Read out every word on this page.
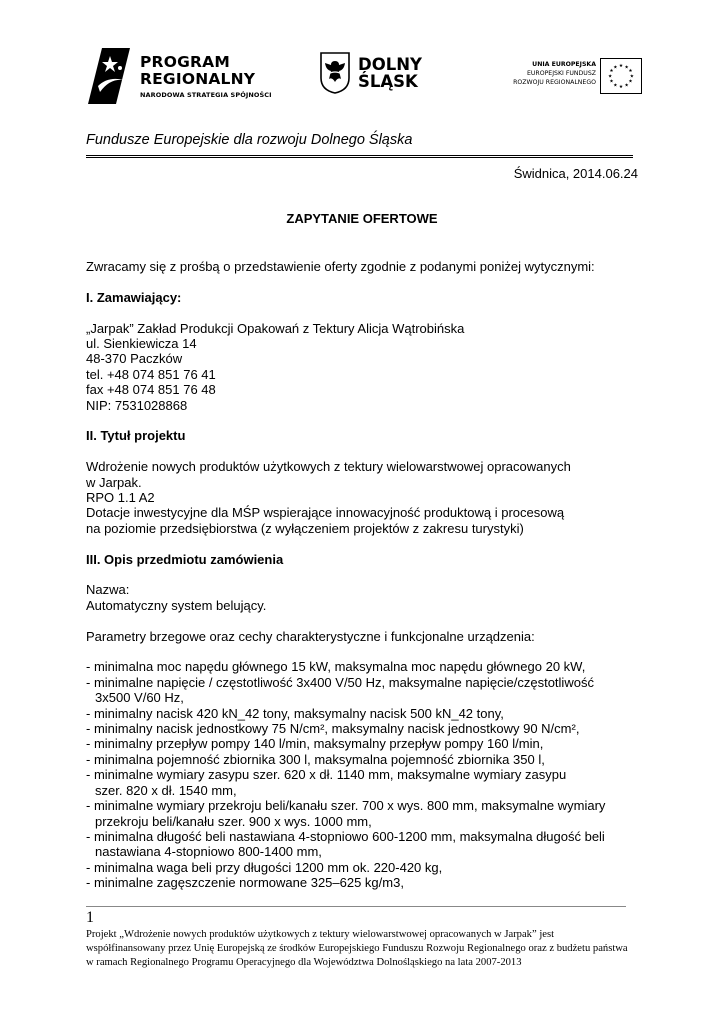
PROGRAM
REGIONALNY
NARODOWA STRATEGIA SPÓJNOŚCI
DOLNY
ŚLĄSK
UNIA EUROPEJSKA
EUROPEJSKI FUNDUSZ
ROZWOJU REGIONALNEGO
★ ★
★
★
★
★
★
★
★
★
★
★
Fundusze Europejskie dla rozwoju Dolnego Śląska
Świdnica, 2014.06.24
ZAPYTANIE OFERTOWE

Zwracamy się z prośbą o przedstawienie oferty zgodnie z podanymi poniżej wytycznymi:

I. Zamawiający:

„Jarpak” Zakład Produkcji Opakowań z Tektury Alicja Wątrobińska

ul. Sienkiewicza 14

48-370 Paczków

tel. +48 074 851 76 41

fax +48 074 851 76 48

NIP: 7531028868

II. Tytuł projektu

Wdrożenie nowych produktów użytkowych z tektury wielowarstwowej opracowanych

w Jarpak.

RPO 1.1 A2

Dotacje inwestycyjne dla MŚP wspierające innowacyjność produktową i procesową

na poziomie przedsiębiorstwa (z wyłączeniem projektów z zakresu turystyki)

III. Opis przedmiotu zamówienia

Nazwa:

Automatyczny system belujący.

Parametry brzegowe oraz cechy charakterystyczne i funkcjonalne urządzenia:

- minimalna moc napędu głównego 15 kW, maksymalna moc napędu głównego 20 kW,

- minimalne napięcie / częstotliwość 3x400 V/50 Hz, maksymalne napięcie/częstotliwość

3x500 V/60 Hz,

- minimalny nacisk 420 kN_42 tony, maksymalny nacisk 500 kN_42 tony,

- minimalny nacisk jednostkowy 75 N/cm², maksymalny nacisk jednostkowy 90 N/cm²,

- minimalny przepływ pompy 140 l/min, maksymalny przepływ pompy 160 l/min,

- minimalna pojemność zbiornika 300 l, maksymalna pojemność zbiornika 350 l,

- minimalne wymiary zasypu szer. 620 x dł. 1140 mm, maksymalne wymiary zasypu

szer. 820 x dł. 1540 mm,

- minimalne wymiary przekroju beli/kanału szer. 700 x wys. 800 mm, maksymalne wymiary

przekroju beli/kanału szer. 900 x wys. 1000 mm,

- minimalna długość beli nastawiana 4-stopniowo 600-1200 mm, maksymalna długość beli

nastawiana 4-stopniowo 800-1400 mm,

- minimalna waga beli przy długości 1200 mm ok. 220-420 kg,

- minimalne zagęszczenie normowane 325–625 kg/m3,

1
Projekt „Wdrożenie nowych produktów użytkowych z tektury wielowarstwowej opracowanych w Jarpak” jest współfinansowany przez Unię Europejską ze środków Europejskiego Funduszu Rozwoju Regionalnego oraz z budżetu państwa w ramach Regionalnego Programu Operacyjnego dla Województwa Dolnośląskiego na lata 2007-2013
